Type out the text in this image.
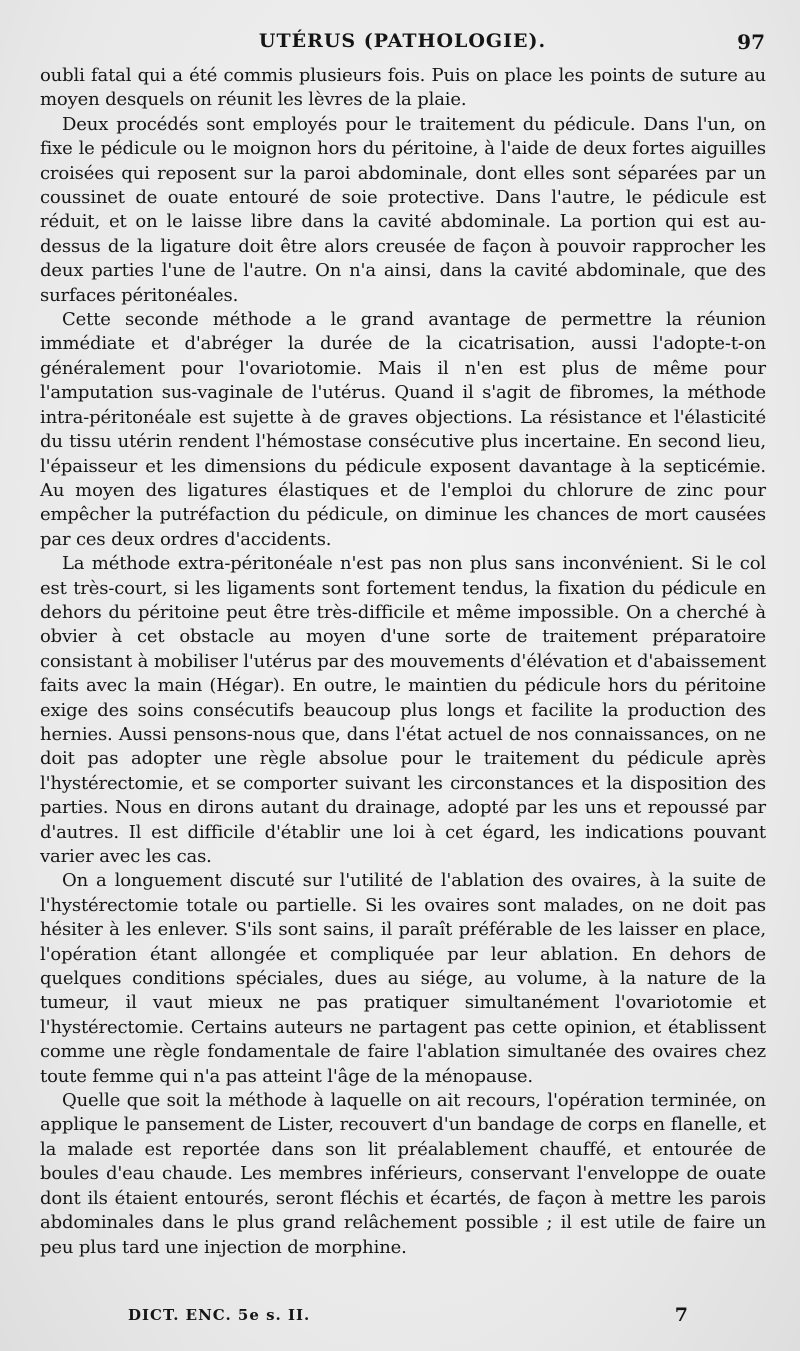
UTÉRUS (PATHOLOGIE).	97

oubli fatal qui a été commis plusieurs fois. Puis on place les points de suture au moyen desquels on réunit les lèvres de la plaie.

Deux procédés sont employés pour le traitement du pédicule. Dans l'un, on fixe le pédicule ou le moignon hors du péritoine, à l'aide de deux fortes aiguilles croisées qui reposent sur la paroi abdominale, dont elles sont séparées par un coussinet de ouate entouré de soie protective. Dans l'autre, le pédicule est réduit, et on le laisse libre dans la cavité abdominale. La portion qui est au-dessus de la ligature doit être alors creusée de façon à pouvoir rapprocher les deux parties l'une de l'autre. On n'a ainsi, dans la cavité abdominale, que des surfaces péritonéales.

Cette seconde méthode a le grand avantage de permettre la réunion immédiate et d'abréger la durée de la cicatrisation, aussi l'adopte-t-on généralement pour l'ovariotomie. Mais il n'en est plus de même pour l'amputation sus-vaginale de l'utérus. Quand il s'agit de fibromes, la méthode intra-péritonéale est sujette à de graves objections. La résistance et l'élasticité du tissu utérin rendent l'hémostase consécutive plus incertaine. En second lieu, l'épaisseur et les dimensions du pédicule exposent davantage à la septicémie. Au moyen des ligatures élastiques et de l'emploi du chlorure de zinc pour empêcher la putréfaction du pédicule, on diminue les chances de mort causées par ces deux ordres d'accidents.

La méthode extra-péritonéale n'est pas non plus sans inconvénient. Si le col est très-court, si les ligaments sont fortement tendus, la fixation du pédicule en dehors du péritoine peut être très-difficile et même impossible. On a cherché à obvier à cet obstacle au moyen d'une sorte de traitement préparatoire consistant à mobiliser l'utérus par des mouvements d'élévation et d'abaissement faits avec la main (Hégar). En outre, le maintien du pédicule hors du péritoine exige des soins consécutifs beaucoup plus longs et facilite la production des hernies. Aussi pensons-nous que, dans l'état actuel de nos connaissances, on ne doit pas adopter une règle absolue pour le traitement du pédicule après l'hystérectomie, et se comporter suivant les circonstances et la disposition des parties. Nous en dirons autant du drainage, adopté par les uns et repoussé par d'autres. Il est difficile d'établir une loi à cet égard, les indications pouvant varier avec les cas.

On a longuement discuté sur l'utilité de l'ablation des ovaires, à la suite de l'hystérectomie totale ou partielle. Si les ovaires sont malades, on ne doit pas hésiter à les enlever. S'ils sont sains, il paraît préférable de les laisser en place, l'opération étant allongée et compliquée par leur ablation. En dehors de quelques conditions spéciales, dues au siége, au volume, à la nature de la tumeur, il vaut mieux ne pas pratiquer simultanément l'ovariotomie et l'hystérectomie. Certains auteurs ne partagent pas cette opinion, et établissent comme une règle fondamentale de faire l'ablation simultanée des ovaires chez toute femme qui n'a pas atteint l'âge de la ménopause.

Quelle que soit la méthode à laquelle on ait recours, l'opération terminée, on applique le pansement de Lister, recouvert d'un bandage de corps en flanelle, et la malade est reportée dans son lit préalablement chauffé, et entourée de boules d'eau chaude. Les membres inférieurs, conservant l'enveloppe de ouate dont ils étaient entourés, seront fléchis et écartés, de façon à mettre les parois abdominales dans le plus grand relâchement possible ; il est utile de faire un peu plus tard une injection de morphine.

DICT. ENC. 5e s. II.	7
